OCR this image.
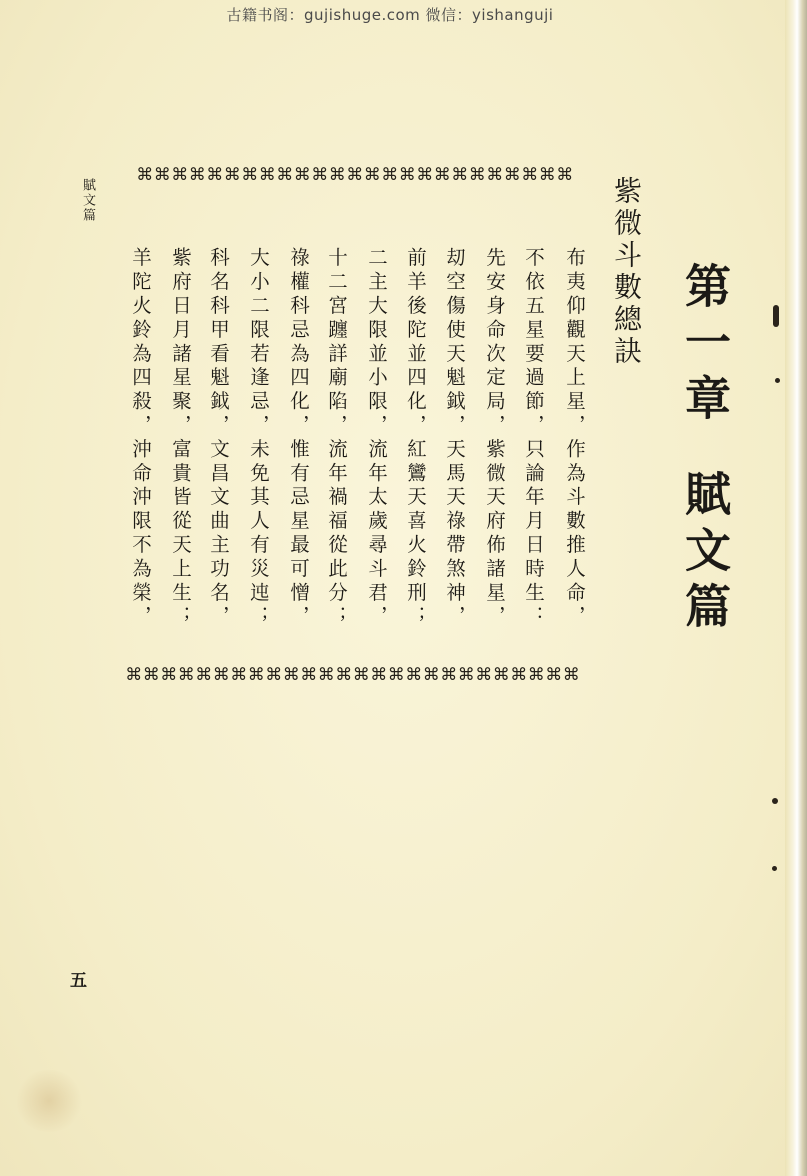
古籍书阁：gujishuge.com 微信：yishanguji
賦文篇
第一章賦文篇
⌘ ⌘ ⌘ ⌘ ⌘ ⌘ ⌘ ⌘ ⌘ ⌘ ⌘ ⌘ ⌘ ⌘ ⌘ ⌘ ⌘ ⌘ ⌘ ⌘ ⌘ ⌘ ⌘ ⌘ ⌘
紫微斗數總訣
布夷仰觀天上星，作為斗數推人命，
不依五星要過節，只論年月日時生：
先安身命次定局，紫微天府佈諸星，
刧空傷使天魁鉞，天馬天祿帶煞神，
前羊後陀並四化，紅鸞天喜火鈴刑；
二主大限並小限，流年太歲尋斗君，
十二宮躔詳廟陷，流年禍福從此分；
祿權科忌為四化，惟有忌星最可憎，
大小二限若逢忌，未免其人有災迍；
科名科甲看魁鉞，文昌文曲主功名，
紫府日月諸星聚，富貴皆從天上生；
羊陀火鈴為四殺，沖命沖限不為榮，
⌘ ⌘ ⌘ ⌘ ⌘ ⌘ ⌘ ⌘ ⌘ ⌘ ⌘ ⌘ ⌘ ⌘ ⌘ ⌘ ⌘ ⌘ ⌘ ⌘ ⌘ ⌘ ⌘ ⌘ ⌘ ⌘
五
